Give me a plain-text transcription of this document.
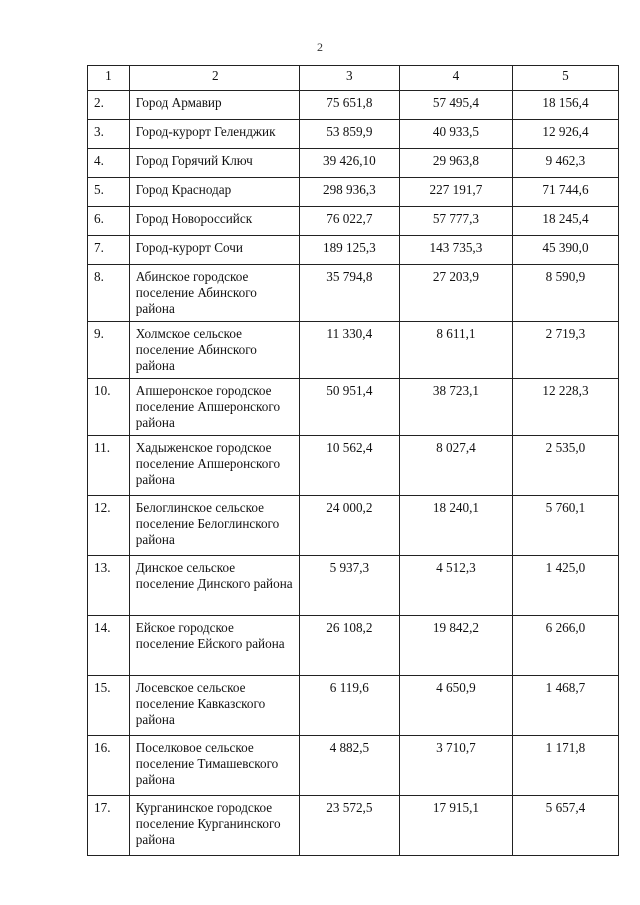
2
1	2	3	4	5
2.	Город Армавир	75 651,8	57 495,4	18 156,4
3.	Город-курорт Геленджик	53 859,9	40 933,5	12 926,4
4.	Город Горячий Ключ	39 426,10	29 963,8	9 462,3
5.	Город Краснодар	298 936,3	227 191,7	71 744,6
6.	Город Новороссийск	76 022,7	57 777,3	18 245,4
7.	Город-курорт Сочи	189 125,3	143 735,3	45 390,0
8.	Абинское городское поселение Абинского района	35 794,8	27 203,9	8 590,9
9.	Холмское сельское поселение Абинского района	11 330,4	8 611,1	2 719,3
10.	Апшеронское городское поселение Апшеронского района	50 951,4	38 723,1	12 228,3
11.	Хадыженское городское поселение Апшеронского района	10 562,4	8 027,4	2 535,0
12.	Белоглинское сельское поселение Белоглинского района	24 000,2	18 240,1	5 760,1
13.	Динское сельское поселение Динского района	5 937,3	4 512,3	1 425,0
14.	Ейское городское поселение Ейского района	26 108,2	19 842,2	6 266,0
15.	Лосевское сельское поселение Кавказского района	6 119,6	4 650,9	1 468,7
16.	Поселковое сельское поселение Тимашевского района	4 882,5	3 710,7	1 171,8
17.	Курганинское городское поселение Курганинского района	23 572,5	17 915,1	5 657,4
